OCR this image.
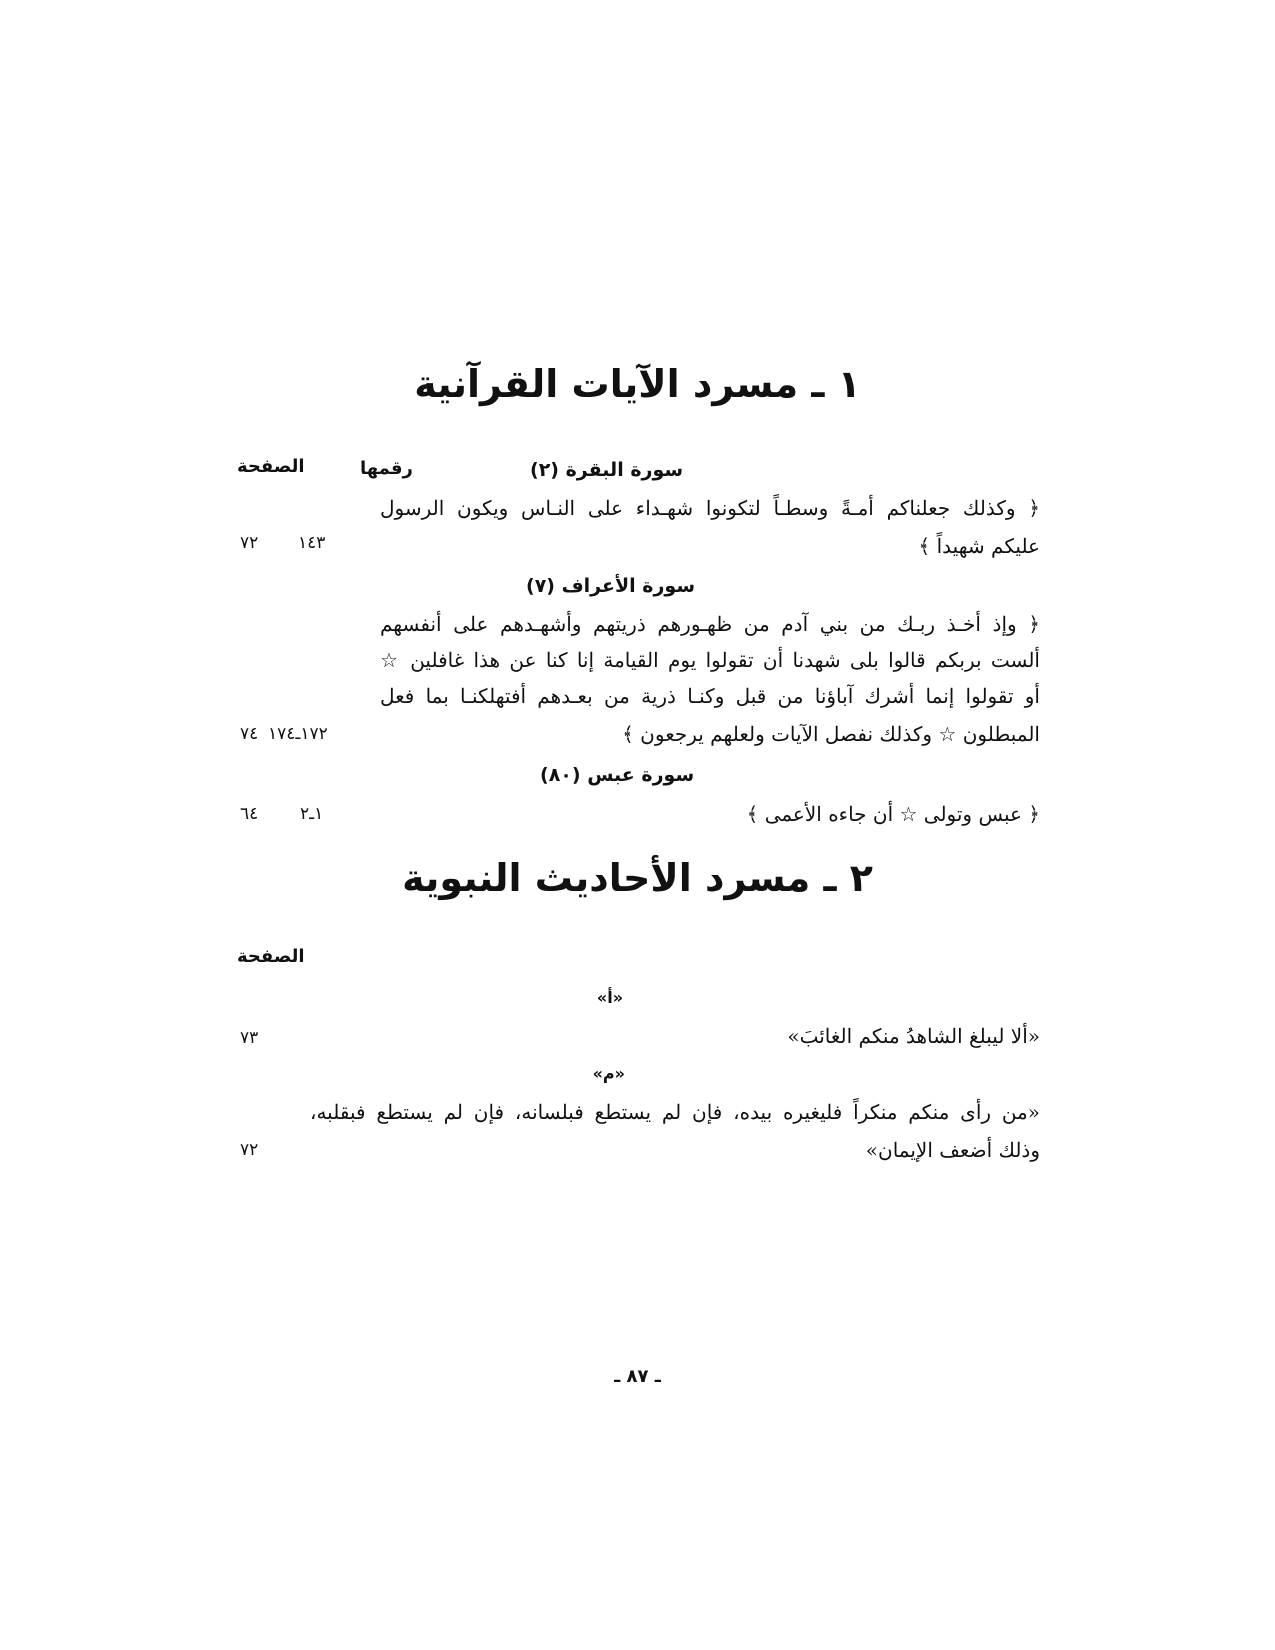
١ ـ مسرد الآيات القرآنية
الصفحة	رقمها	سورة البقرة (٢)
﴿ وكذلك جعلناكم أمـةً وسطـاً لتكونوا شهـداء على النـاس ويكون الرسول
عليكم شهيداً ﴾
١٤٣
٧٢
سورة الأعراف (٧)
﴿ وإذ أخـذ ربـك من بني آدم من ظهـورهم ذريتهم وأشهـدهم على أنفسهم
ألست بربكم قالوا بلى شهدنا أن تقولوا يوم القيامة إنا كنا عن هذا غافلين ☆
أو تقولوا إنما أشرك آباؤنا من قبل وكنـا ذرية من بعـدهم أفتهلكنـا بما فعل
المبطلون ☆ وكذلك نفصل الآيات ولعلهم يرجعون ﴾
١٧٢ـ١٧٤
٧٤
سورة عبس (٨٠)
﴿ عبس وتولى ☆ أن جاءه الأعمى ﴾
١ـ٢
٦٤
٢ ـ مسرد الأحاديث النبوية
الصفحة
«أ»
«ألا ليبلغ الشاهدُ منكم الغائبَ»
٧٣
«م»
«من رأى منكم منكراً فليغيره بيده، فإن لم يستطع فبلسانه، فإن لم يستطع فبقلبه،
وذلك أضعف الإيمان»
٧٢
ـ ٨٧ ـ
